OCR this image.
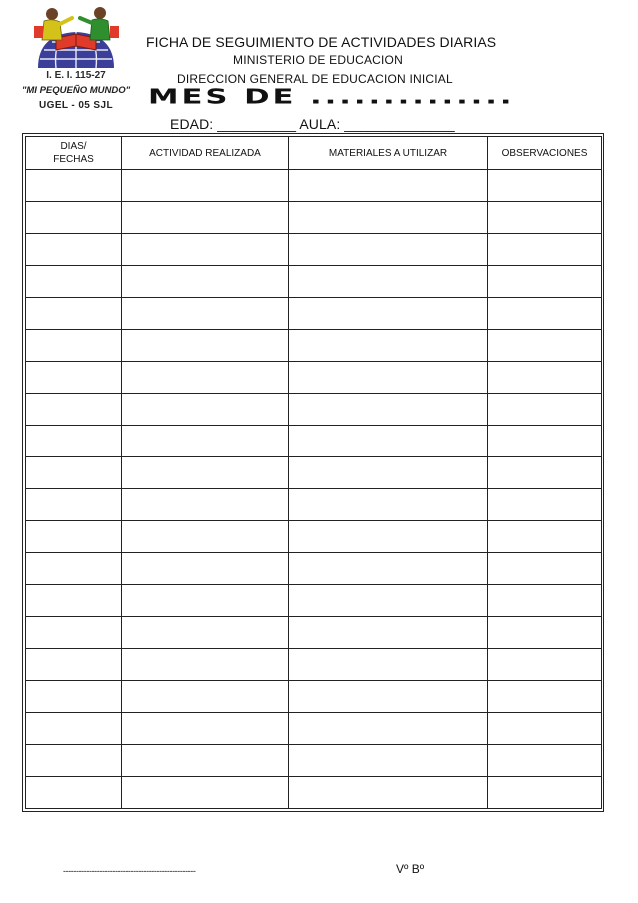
I. E. I. 115-27
"MI PEQUEÑO MUNDO"
UGEL - 05 SJL
FICHA DE SEGUIMIENTO DE ACTIVIDADES DIARIAS
MINISTERIO DE EDUCACION
DIRECCION GENERAL DE EDUCACION INICIAL
MES DE ..............
EDAD: __________ AULA: ______________
DIAS/
FECHAS	ACTIVIDAD REALIZADA	MATERIALES A UTILIZAR	OBSERVACIONES

---------------------------------------------------	Vº Bº
